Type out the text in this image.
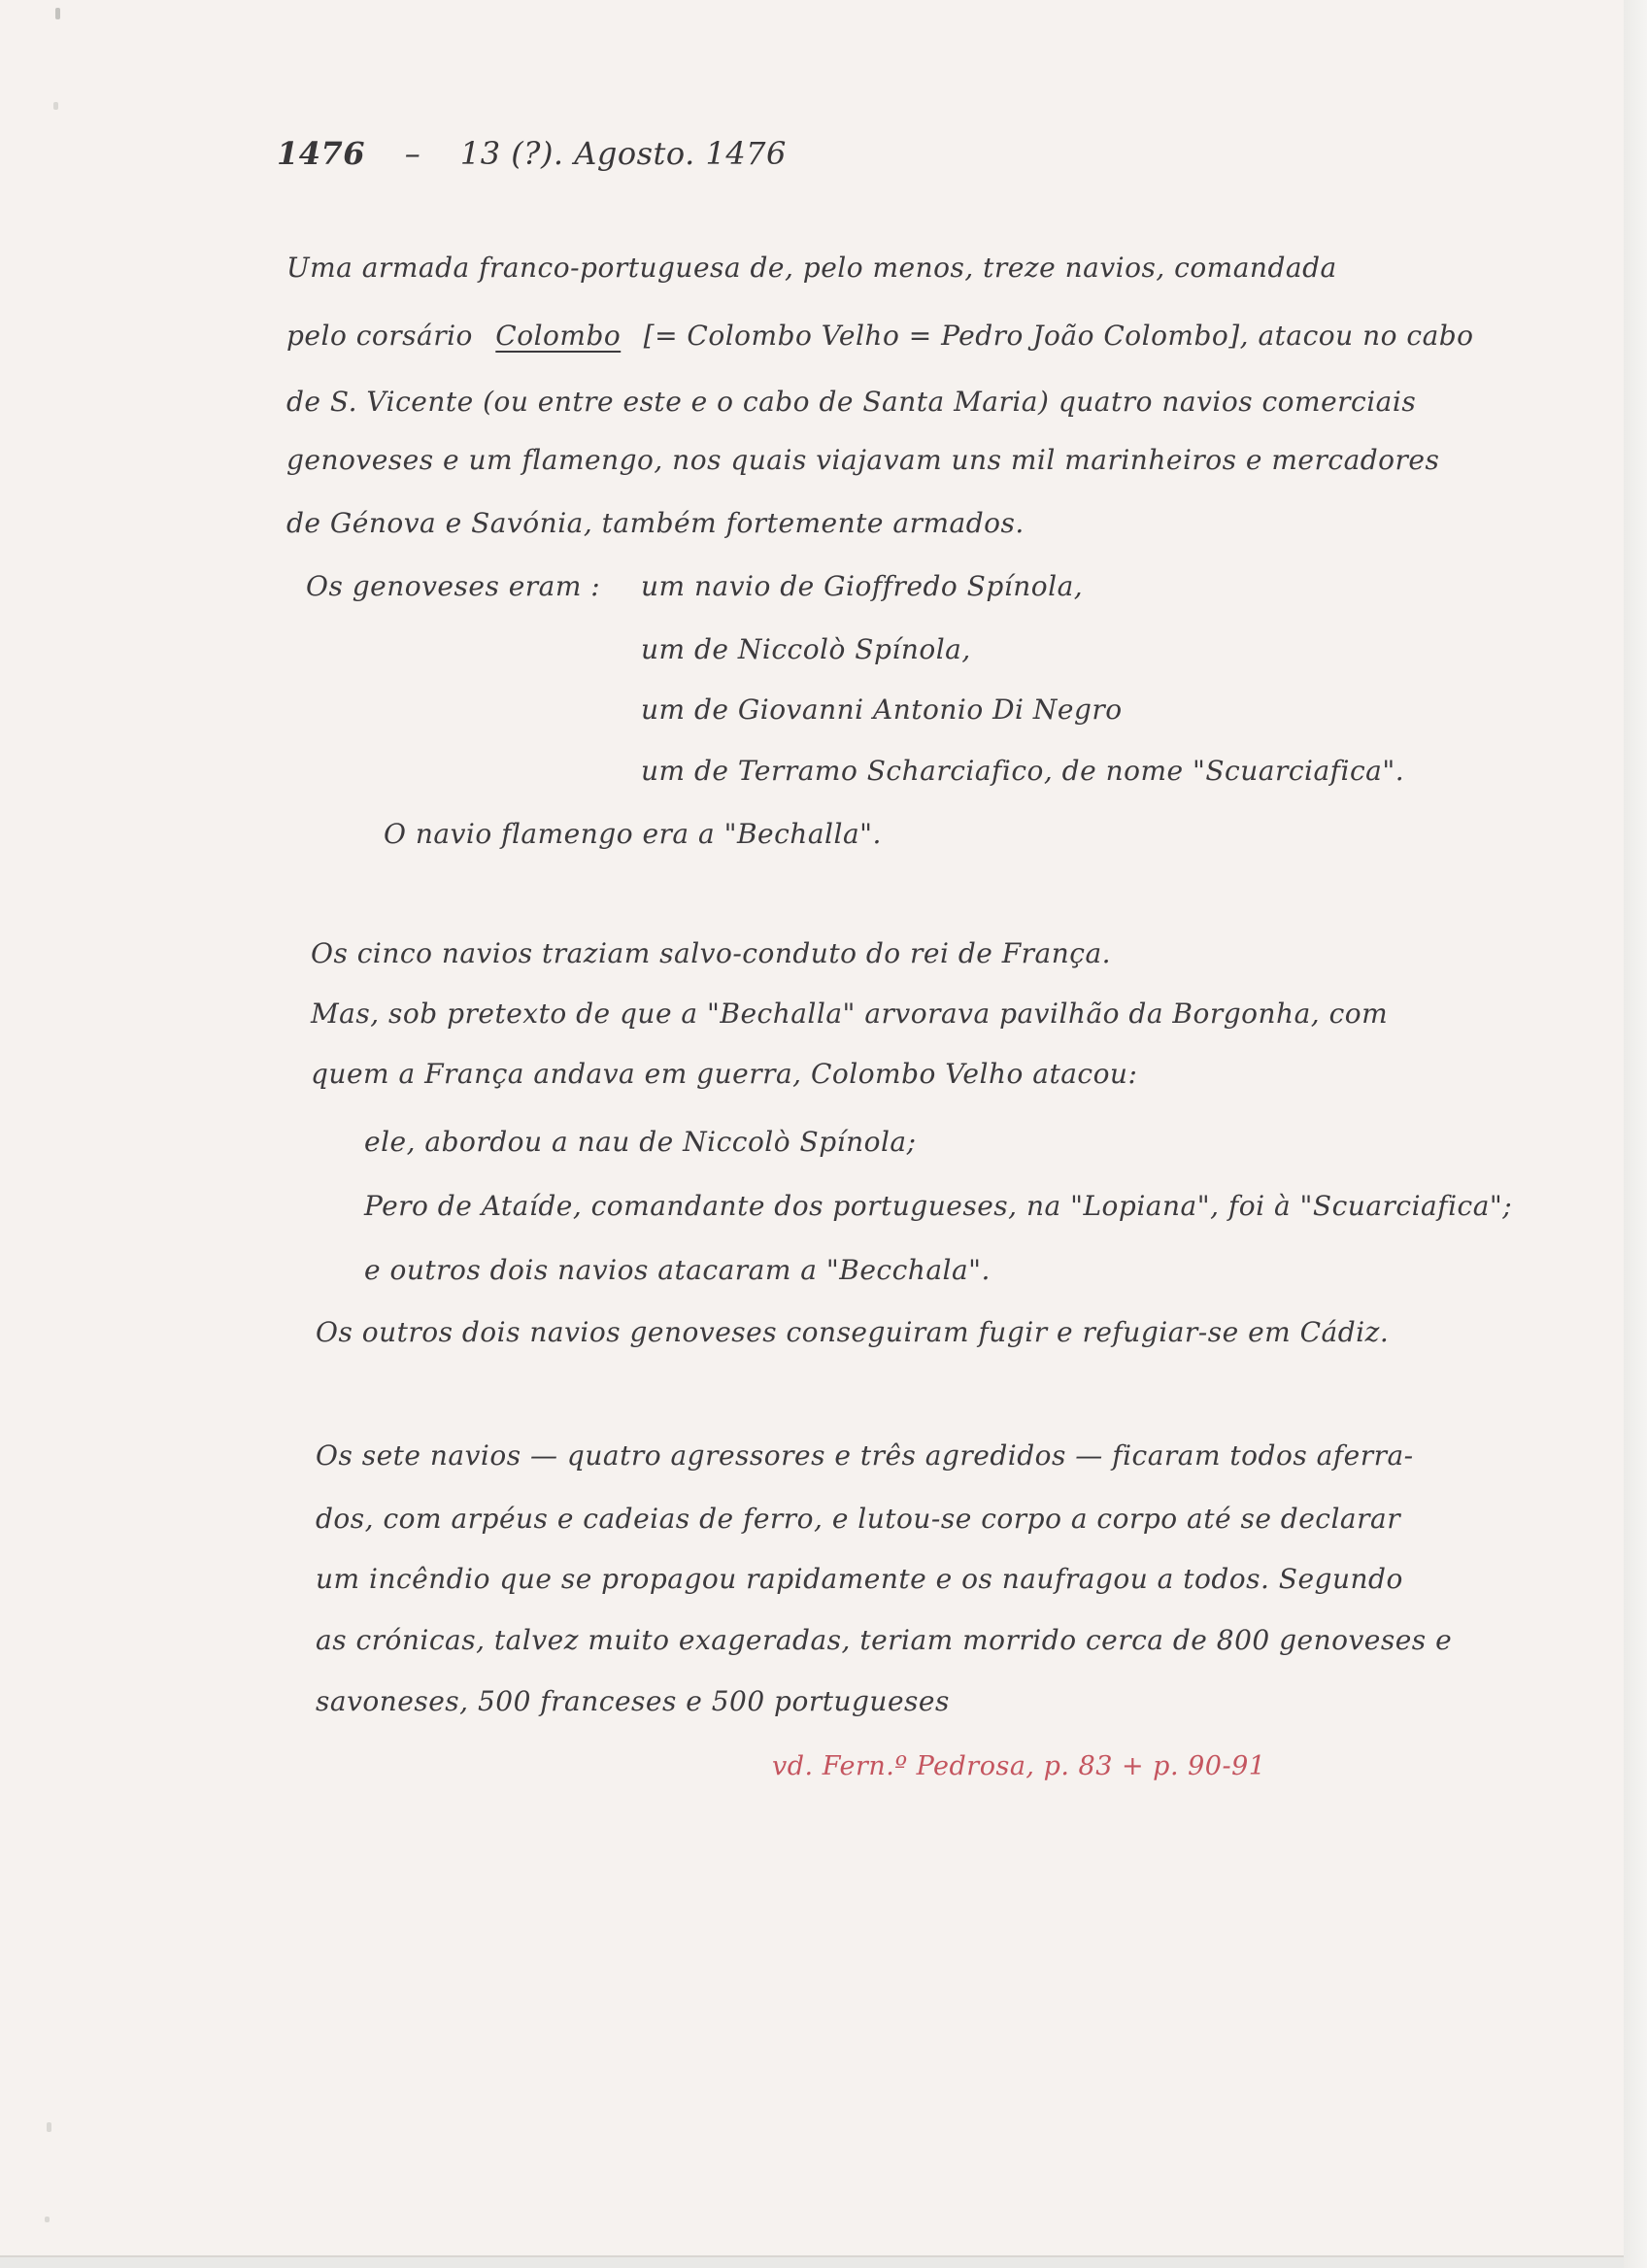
1476 – 13 (?). Agosto. 1476
Uma armada franco-portuguesa de, pelo menos, treze navios, comandada
pelo corsário Colombo [= Colombo Velho = Pedro João Colombo], atacou no cabo
de S. Vicente (ou entre este e o cabo de Santa Maria) quatro navios comerciais
genoveses e um flamengo, nos quais viajavam uns mil marinheiros e mercadores
de Génova e Savónia, também fortemente armados.
Os genoveses eram : um navio de Gioffredo Spínola,
um de Niccolò Spínola,
um de Giovanni Antonio Di Negro
um de Terramo Scharciafico, de nome "Scuarciafica".
O navio flamengo era a "Bechalla".
Os cinco navios traziam salvo-conduto do rei de França.
Mas, sob pretexto de que a "Bechalla" arvorava pavilhão da Borgonha, com
quem a França andava em guerra, Colombo Velho atacou:
ele, abordou a nau de Niccolò Spínola;
Pero de Ataíde, comandante dos portugueses, na "Lopiana", foi à "Scuarciafica";
e outros dois navios atacaram a "Becchala".
Os outros dois navios genoveses conseguiram fugir e refugiar-se em Cádiz.
Os sete navios — quatro agressores e três agredidos — ficaram todos aferra-
dos, com arpéus e cadeias de ferro, e lutou-se corpo a corpo até se declarar
um incêndio que se propagou rapidamente e os naufragou a todos. Segundo
as crónicas, talvez muito exageradas, teriam morrido cerca de 800 genoveses e
savoneses, 500 franceses e 500 portugueses
vd. Fern.º Pedrosa, p. 83 + p. 90-91
